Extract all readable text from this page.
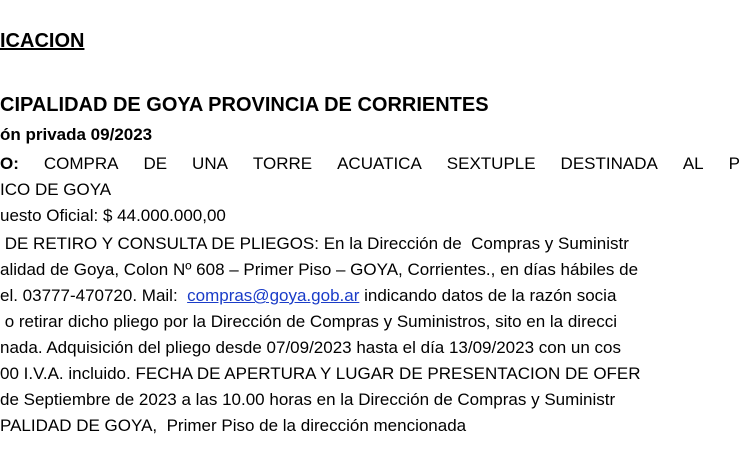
ICACION
CIPALIDAD DE GOYA PROVINCIA DE CORRIENTES
ón privada 09/2023
O: COMPRA DE UNA TORRE ACUATICA SEXTUPLE DESTINADA AL P
ICO DE GOYA
uesto Oficial: $ 44.000.000,00
DE RETIRO Y CONSULTA DE PLIEGOS: En la Dirección de  Compras y Suministr
alidad de Goya, Colon Nº 608 – Primer Piso – GOYA, Corrientes., en días hábiles de
el. 03777-470720. Mail:  compras@goya.gob.ar indicando datos de la razón socia
o retirar dicho pliego por la Dirección de Compras y Suministros, sito en la direcci
nada. Adquisición del pliego desde 07/09/2023 hasta el día 13/09/2023 con un cos
00 I.V.A. incluido. FECHA DE APERTURA Y LUGAR DE PRESENTACION DE OFER
de Septiembre de 2023 a las 10.00 horas en la Dirección de Compras y Suministr
PALIDAD DE GOYA,  Primer Piso de la dirección mencionada
